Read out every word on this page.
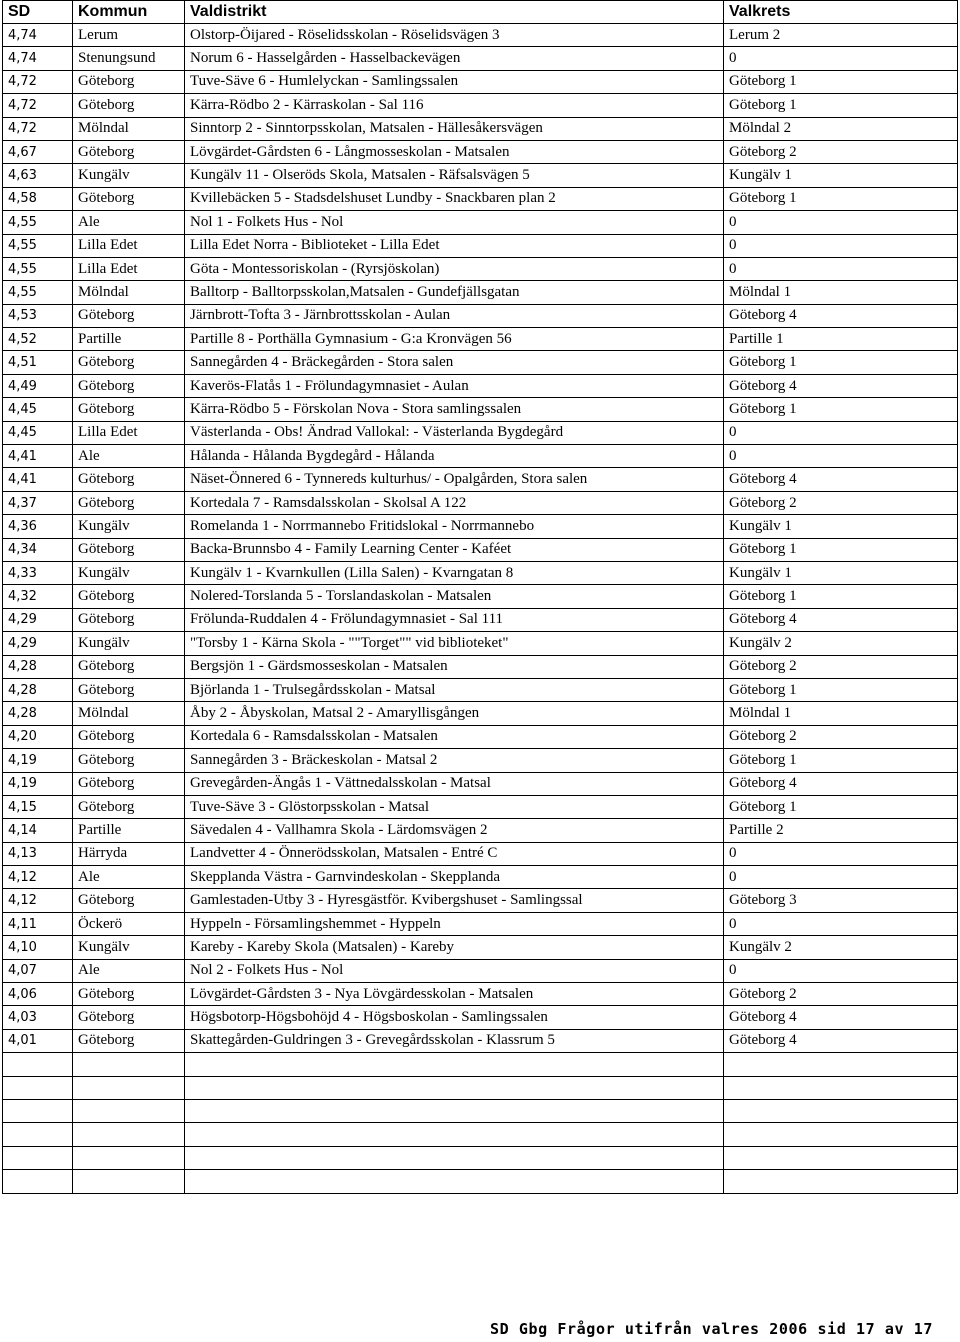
SD	Kommun	Valdistrikt	Valkrets
4,74	Lerum	Olstorp-Öijared - Röselidsskolan - Röselidsvägen 3	Lerum 2
4,74	Stenungsund	Norum 6 - Hasselgården - Hasselbackevägen	0
4,72	Göteborg	Tuve-Säve 6 - Humlelyckan - Samlingssalen	Göteborg 1
4,72	Göteborg	Kärra-Rödbo 2 - Kärraskolan - Sal 116	Göteborg 1
4,72	Mölndal	Sinntorp 2 - Sinntorpsskolan, Matsalen - Hällesåkersvägen	Mölndal 2
4,67	Göteborg	Lövgärdet-Gårdsten 6 - Långmosseskolan - Matsalen	Göteborg 2
4,63	Kungälv	Kungälv 11 - Olseröds Skola, Matsalen - Räfsalsvägen 5	Kungälv 1
4,58	Göteborg	Kvillebäcken 5 - Stadsdelshuset Lundby - Snackbaren plan 2	Göteborg 1
4,55	Ale	Nol 1 - Folkets Hus - Nol	0
4,55	Lilla Edet	Lilla Edet Norra - Biblioteket - Lilla Edet	0
4,55	Lilla Edet	Göta - Montessoriskolan - (Ryrsjöskolan)	0
4,55	Mölndal	Balltorp - Balltorpsskolan,Matsalen - Gundefjällsgatan	Mölndal 1
4,53	Göteborg	Järnbrott-Tofta 3 - Järnbrottsskolan - Aulan	Göteborg 4
4,52	Partille	Partille 8 - Porthälla Gymnasium - G:a Kronvägen 56	Partille 1
4,51	Göteborg	Sannegården 4 - Bräckegården - Stora salen	Göteborg 1
4,49	Göteborg	Kaverös-Flatås 1 - Frölundagymnasiet - Aulan	Göteborg 4
4,45	Göteborg	Kärra-Rödbo 5 - Förskolan Nova - Stora samlingssalen	Göteborg 1
4,45	Lilla Edet	Västerlanda - Obs! Ändrad Vallokal: - Västerlanda Bygdegård	0
4,41	Ale	Hålanda - Hålanda Bygdegård - Hålanda	0
4,41	Göteborg	Näset-Önnered 6 - Tynnereds kulturhus/ - Opalgården, Stora salen	Göteborg 4
4,37	Göteborg	Kortedala 7 - Ramsdalsskolan - Skolsal A 122	Göteborg 2
4,36	Kungälv	Romelanda 1 - Norrmannebo Fritidslokal - Norrmannebo	Kungälv 1
4,34	Göteborg	Backa-Brunnsbo 4 - Family Learning Center - Kaféet	Göteborg 1
4,33	Kungälv	Kungälv 1 - Kvarnkullen (Lilla Salen) - Kvarngatan 8	Kungälv 1
4,32	Göteborg	Nolered-Torslanda 5 - Torslandaskolan - Matsalen	Göteborg 1
4,29	Göteborg	Frölunda-Ruddalen 4 - Frölundagymnasiet - Sal 111	Göteborg 4
4,29	Kungälv	"Torsby 1 - Kärna Skola - ""Torget"" vid biblioteket"	Kungälv 2
4,28	Göteborg	Bergsjön 1 - Gärdsmosseskolan - Matsalen	Göteborg 2
4,28	Göteborg	Björlanda 1 - Trulsegårdsskolan - Matsal	Göteborg 1
4,28	Mölndal	Åby 2 - Åbyskolan, Matsal 2 - Amaryllisgången	Mölndal 1
4,20	Göteborg	Kortedala 6 - Ramsdalsskolan - Matsalen	Göteborg 2
4,19	Göteborg	Sannegården 3 - Bräckeskolan - Matsal 2	Göteborg 1
4,19	Göteborg	Grevegården-Ängås 1 - Vättnedalsskolan - Matsal	Göteborg 4
4,15	Göteborg	Tuve-Säve 3 - Glöstorpsskolan - Matsal	Göteborg 1
4,14	Partille	Sävedalen 4 - Vallhamra Skola - Lärdomsvägen 2	Partille 2
4,13	Härryda	Landvetter 4 - Önnerödsskolan, Matsalen - Entré C	0
4,12	Ale	Skepplanda Västra - Garnvindeskolan - Skepplanda	0
4,12	Göteborg	Gamlestaden-Utby 3 - Hyresgästför. Kvibergshuset - Samlingssal	Göteborg 3
4,11	Öckerö	Hyppeln - Församlingshemmet - Hyppeln	0
4,10	Kungälv	Kareby - Kareby Skola (Matsalen) - Kareby	Kungälv 2
4,07	Ale	Nol 2 - Folkets Hus - Nol	0
4,06	Göteborg	Lövgärdet-Gårdsten 3 - Nya Lövgärdesskolan - Matsalen	Göteborg 2
4,03	Göteborg	Högsbotorp-Högsbohöjd 4 - Högsboskolan - Samlingssalen	Göteborg 4
4,01	Göteborg	Skattegården-Guldringen 3 - Grevegårdsskolan - Klassrum 5	Göteborg 4

SD Gbg Frågor utifrån valres 2006 sid 17 av 17
